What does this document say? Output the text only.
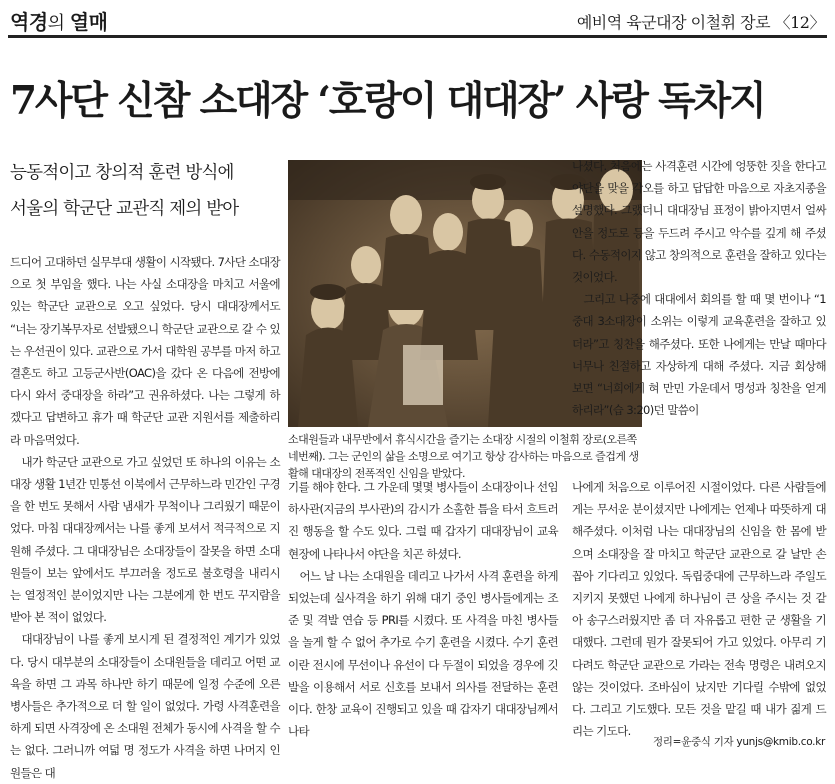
역경의 열매	예비역 육군대장 이철휘 장로 〈12〉
7사단 신참 소대장 ‘호랑이 대대장’ 사랑 독차지
능동적이고 창의적 훈련 방식에
서울의 학군단 교관직 제의 받아

소대원들과 내무반에서 휴식시간을 즐기는 소대장 시절의 이철휘 장로(오른쪽 네번째). 그는 군인의 삶을 소명으로 여기고 항상 감사하는 마음으로 즐겁게 생활해 대대장의 전폭적인 신임을 받았다.

드디어 고대하던 실무부대 생활이 시작됐다. 7사단 소대장으로 첫 부임을 했다. 나는 사실 소대장을 마치고 서울에 있는 학군단 교관으로 오고 싶었다. 당시 대대장께서도 “너는 장기복무자로 선발됐으니 학군단 교관으로 갈 수 있는 우선권이 있다. 교관으로 가서 대학원 공부를 마저 하고 결혼도 하고 고등군사반(OAC)을 갔다 온 다음에 전방에 다시 와서 중대장을 하라”고 권유하셨다. 나는 그렇게 하겠다고 답변하고 휴가 때 학군단 교관 지원서를 제출하리라 마음먹었다.

내가 학군단 교관으로 가고 싶었던 또 하나의 이유는 소대장 생활 1년간 민통선 이북에서 근무하느라 민간인 구경을 한 번도 못해서 사람 냄새가 무척이나 그리웠기 때문이었다. 마침 대대장께서는 나를 좋게 보셔서 적극적으로 지원해 주셨다. 그 대대장님은 소대장들이 잘못을 하면 소대원들이 보는 앞에서도 부끄러울 정도로 불호령을 내리시는 열정적인 분이었지만 나는 그분에게 한 번도 꾸지람을 받아 본 적이 없었다.

대대장님이 나를 좋게 보시게 된 결정적인 계기가 있었다. 당시 대부분의 소대장들이 소대원들을 데리고 어떤 교육을 하면 그 과목 하나만 하기 때문에 일정 수준에 오른 병사들은 추가적으로 더 할 일이 없었다. 가령 사격훈련을 하게 되면 사격장에 온 소대원 전체가 동시에 사격을 할 수는 없다. 그러니까 여덟 명 정도가 사격을 하면 나머지 인원들은 대

기를 해야 한다. 그 가운데 몇몇 병사들이 소대장이나 선임 하사관(지금의 부사관)의 감시가 소홀한 틈을 타서 흐트러진 행동을 할 수도 있다. 그럴 때 갑자기 대대장님이 교육 현장에 나타나서 야단을 치곤 하셨다.

어느 날 나는 소대원을 데리고 나가서 사격 훈련을 하게 되었는데 실사격을 하기 위해 대기 중인 병사들에게는 조준 및 격발 연습 등 PRI를 시켰다. 또 사격을 마친 병사들을 놀게 할 수 없어 추가로 수기 훈련을 시켰다. 수기 훈련이란 전시에 무선이나 유선이 다 두절이 되었을 경우에 깃발을 이용해서 서로 신호를 보내서 의사를 전달하는 훈련이다. 한창 교육이 진행되고 있을 때 갑자기 대대장님께서 나타

나셨다. 처음에는 사격훈련 시간에 엉뚱한 짓을 한다고 야단을 맞을 각오를 하고 답답한 마음으로 자초지종을 설명했다. 그랬더니 대대장님 표정이 밝아지면서 얼싸안을 정도로 등을 두드려 주시고 악수를 깊게 해 주셨다. 수동적이지 않고 창의적으로 훈련을 잘하고 있다는 것이었다.

그리고 나중에 대대에서 회의를 할 때 몇 번이나 “1중대 3소대장이 소위는 이렇게 교육훈련을 잘하고 있더라”고 칭찬을 해주셨다. 또한 나에게는 만날 때마다 너무나 친절하고 자상하게 대해 주셨다. 지금 회상해 보면 “너희에게 혀 만민 가운데서 명성과 칭찬을 얻게 하리라”(습 3:20)던 말씀이

나에게 처음으로 이루어진 시절이었다. 다른 사람들에게는 무서운 분이셨지만 나에게는 언제나 따뜻하게 대해주셨다. 이처럼 나는 대대장님의 신임을 한 몸에 받으며 소대장을 잘 마치고 학군단 교관으로 갈 날만 손꼽아 기다리고 있었다. 독립중대에 근무하느라 주일도 지키지 못했던 나에게 하나님이 큰 상을 주시는 것 같아 송구스러웠지만 좀 더 자유롭고 편한 군 생활을 기대했다. 그런데 뭔가 잘못되어 가고 있었다. 아무리 기다려도 학군단 교관으로 가라는 전속 명령은 내려오지 않는 것이었다. 조바심이 났지만 기다릴 수밖에 없었다. 그리고 기도했다. 모든 것을 맡길 때 내가 짊게 드리는 기도다.

정리=윤중식 기자 yunjs@kmib.co.kr
